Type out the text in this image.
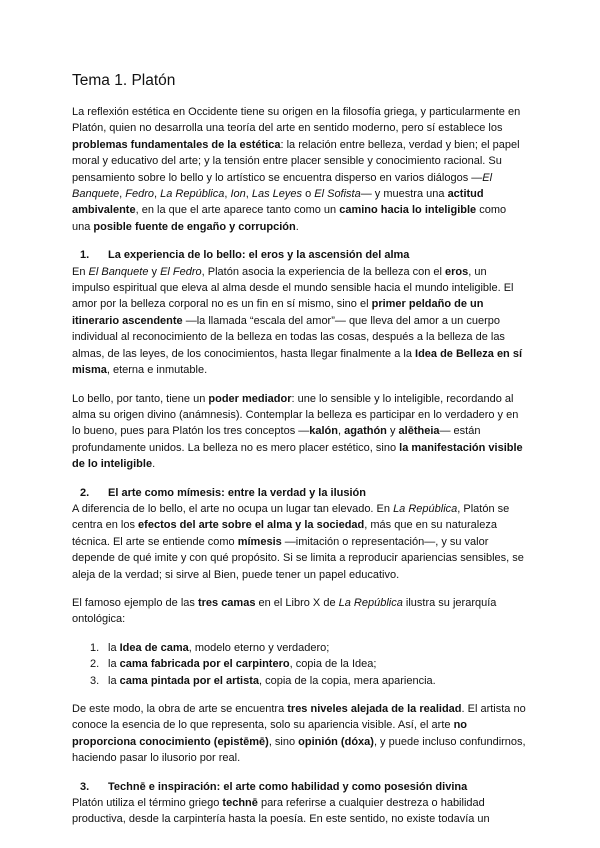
Tema 1. Platón

La reflexión estética en Occidente tiene su origen en la filosofía griega, y particularmente en Platón, quien no desarrolla una teoría del arte en sentido moderno, pero sí establece los problemas fundamentales de la estética: la relación entre belleza, verdad y bien; el papel moral y educativo del arte; y la tensión entre placer sensible y conocimiento racional. Su pensamiento sobre lo bello y lo artístico se encuentra disperso en varios diálogos —El Banquete, Fedro, La República, Ion, Las Leyes o El Sofista— y muestra una actitud ambivalente, en la que el arte aparece tanto como un camino hacia lo inteligible como una posible fuente de engaño y corrupción.

1.	La experiencia de lo bello: el eros y la ascensión del alma

En El Banquete y El Fedro, Platón asocia la experiencia de la belleza con el eros, un impulso espiritual que eleva al alma desde el mundo sensible hacia el mundo inteligible. El amor por la belleza corporal no es un fin en sí mismo, sino el primer peldaño de un itinerario ascendente —la llamada “escala del amor”— que lleva del amor a un cuerpo individual al reconocimiento de la belleza en todas las cosas, después a la belleza de las almas, de las leyes, de los conocimientos, hasta llegar finalmente a la Idea de Belleza en sí misma, eterna e inmutable.

Lo bello, por tanto, tiene un poder mediador: une lo sensible y lo inteligible, recordando al alma su origen divino (anámnesis). Contemplar la belleza es participar en lo verdadero y en lo bueno, pues para Platón los tres conceptos —kalón, agathón y alētheia— están profundamente unidos. La belleza no es mero placer estético, sino la manifestación visible de lo inteligible.

2.	El arte como mímesis: entre la verdad y la ilusión

A diferencia de lo bello, el arte no ocupa un lugar tan elevado. En La República, Platón se centra en los efectos del arte sobre el alma y la sociedad, más que en su naturaleza técnica. El arte se entiende como mímesis —imitación o representación—, y su valor depende de qué imite y con qué propósito. Si se limita a reproducir apariencias sensibles, se aleja de la verdad; si sirve al Bien, puede tener un papel educativo.

El famoso ejemplo de las tres camas en el Libro X de La República ilustra su jerarquía ontológica:

1. la Idea de cama, modelo eterno y verdadero;
2. la cama fabricada por el carpintero, copia de la Idea;
3. la cama pintada por el artista, copia de la copia, mera apariencia.

De este modo, la obra de arte se encuentra tres niveles alejada de la realidad. El artista no conoce la esencia de lo que representa, solo su apariencia visible. Así, el arte no proporciona conocimiento (epistēmē), sino opinión (dóxa), y puede incluso confundirnos, haciendo pasar lo ilusorio por real.

3.	Technē e inspiración: el arte como habilidad y como posesión divina

Platón utiliza el término griego technē para referirse a cualquier destreza o habilidad productiva, desde la carpintería hasta la poesía. En este sentido, no existe todavía un
